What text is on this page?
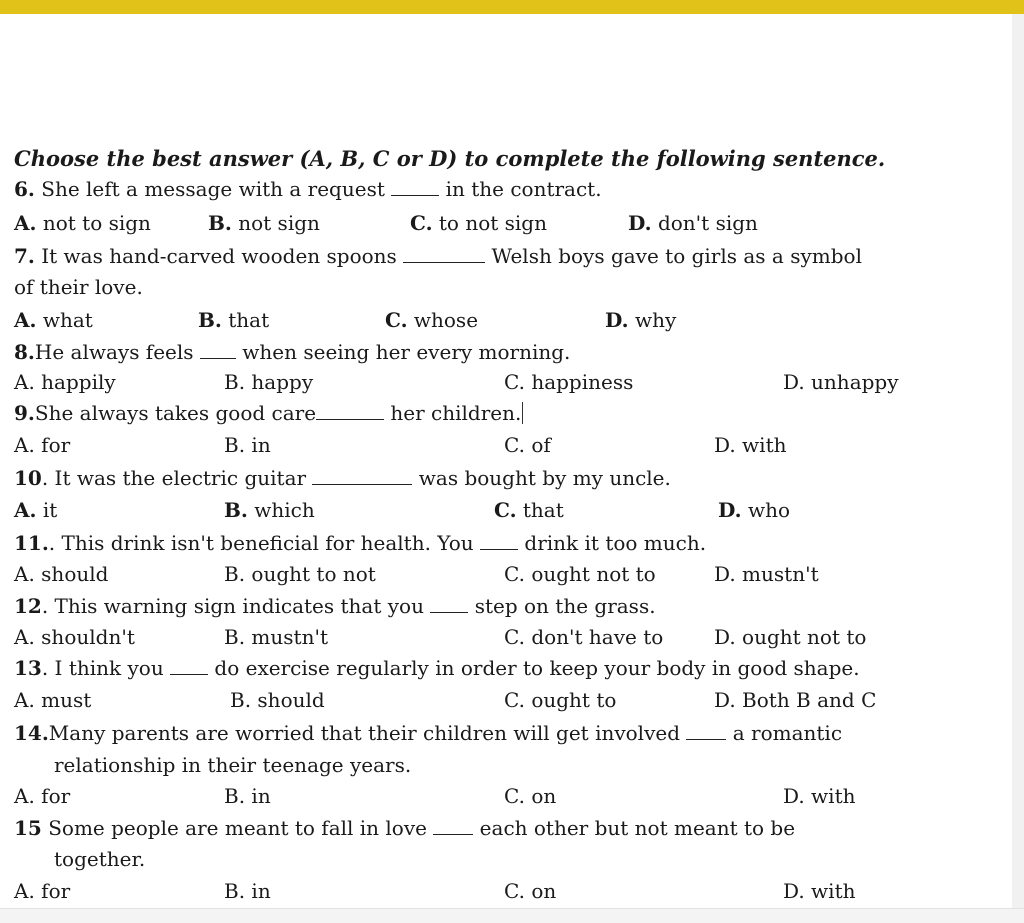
Choose the best answer (A, B, C or D) to complete the following sentence.
6. She left a message with a request  in the contract.
A. not to sign	B. not sign	C. to not sign	D. don't sign
7. It was hand-carved wooden spoons	Welsh boys gave to girls as a symbol
of their love.
A. what	B. that	C. whose	D. why
8.He always feels  when seeing her every morning.
A. happily	B. happy	C. happiness	D. unhappy
9.She always takes good care	her children.
A. for	B. in	C. of	D. with
10. It was the electric guitar	was bought by my uncle.
A. it	B. which	C. that	D. who
11.. This drink isn't beneficial for health. You  drink it too much.
A. should	B. ought to not	C. ought not to	D. mustn't
12. This warning sign indicates that you  step on the grass.
A. shouldn't	B. mustn't	C. don't have to	D. ought not to
13. I think you  do exercise regularly in order to keep your body in good shape.
A. must	B. should	C. ought to	D. Both B and C
14.Many parents are worried that their children will get involved  a romantic
relationship in their teenage years.
A. for	B. in	C. on	D. with
15 Some people are meant to fall in love  each other but not meant to be
together.
A. for	B. in	C. on	D. with
